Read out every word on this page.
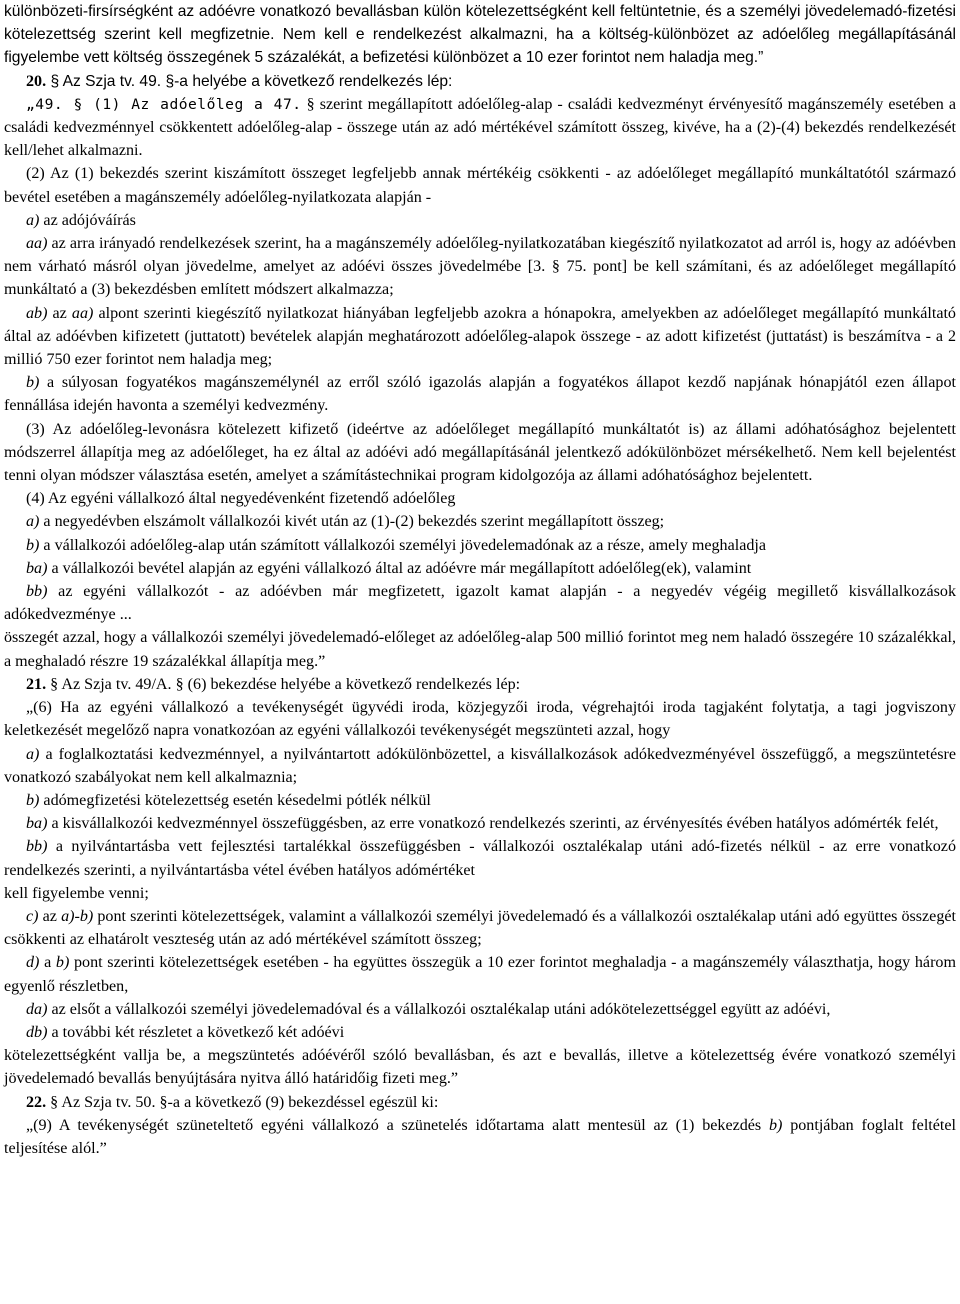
különbözeti-firsírségként az adóévre vonatkozó bevallásban külön kötelezettségként kell feltüntetnie, és a személyi jövedelemadó-fizetési kötelezettség szerint kell megfizetnie. Nem kell e rendelkezést alkalmazni, ha a költség-különbözet az adóelőleg megállapításánál figyelembe vett költség összegének 5 százalékát, a befizetési különbözet a 10 ezer forintot nem haladja meg.”

20. § Az Szja tv. 49. §-a helyébe a következő rendelkezés lép:

„49. § (1) Az adóelőleg a 47. § szerint megállapított adóelőleg-alap - családi kedvezményt érvényesítő magánszemély esetében a családi kedvezménnyel csökkentett adóelőleg-alap - összege után az adó mértékével számított összeg, kivéve, ha a (2)-(4) bekezdés rendelkezését kell/lehet alkalmazni.

(2) Az (1) bekezdés szerint kiszámított összeget legfeljebb annak mértékéig csökkenti - az adóelőleget megállapító munkáltatótól származó bevétel esetében a magánszemély adóelőleg-nyilatkozata alapján -

a) az adójóváírás

aa) az arra irányadó rendelkezések szerint, ha a magánszemély adóelőleg-nyilatkozatában kiegészítő nyilatkozatot ad arról is, hogy az adóévben nem várható másról olyan jövedelme, amelyet az adóévi összes jövedelmébe [3. § 75. pont] be kell számítani, és az adóelőleget megállapító munkáltató a (3) bekezdésben említett módszert alkalmazza;

ab) az aa) alpont szerinti kiegészítő nyilatkozat hiányában legfeljebb azokra a hónapokra, amelyekben az adóelőleget megállapító munkáltató által az adóévben kifizetett (juttatott) bevételek alapján meghatározott adóelőleg-alapok összege - az adott kifizetést (juttatást) is beszámítva - a 2 millió 750 ezer forintot nem haladja meg;

b) a súlyosan fogyatékos magánszemélynél az erről szóló igazolás alapján a fogyatékos állapot kezdő napjának hónapjától ezen állapot fennállása idején havonta a személyi kedvezmény.

(3) Az adóelőleg-levonásra kötelezett kifizető (ideértve az adóelőleget megállapító munkáltatót is) az állami adóhatósághoz bejelentett módszerrel állapítja meg az adóelőleget, ha ez által az adóévi adó megállapításánál jelentkező adókülönbözet mérsékelhető. Nem kell bejelentést tenni olyan módszer választása esetén, amelyet a számítástechnikai program kidolgozója az állami adóhatósághoz bejelentett.

(4) Az egyéni vállalkozó által negyedévenként fizetendő adóelőleg

a) a negyedévben elszámolt vállalkozói kivét után az (1)-(2) bekezdés szerint megállapított összeg;

b) a vállalkozói adóelőleg-alap után számított vállalkozói személyi jövedelemadónak az a része, amely meghaladja

ba) a vállalkozói bevétel alapján az egyéni vállalkozó által az adóévre már megállapított adóelőleg(ek), valamint

bb) az egyéni vállalkozót - az adóévben már megfizetett, igazolt kamat alapján - a negyedév végéig megillető kisvállalkozások adókedvezménye ...

összegét azzal, hogy a vállalkozói személyi jövedelemadó-előleget az adóelőleg-alap 500 millió forintot meg nem haladó összegére 10 százalékkal, a meghaladó részre 19 százalékkal állapítja meg.”

21. § Az Szja tv. 49/A. § (6) bekezdése helyébe a következő rendelkezés lép:

„(6) Ha az egyéni vállalkozó a tevékenységét ügyvédi iroda, közjegyzői iroda, végrehajtói iroda tagjaként folytatja, a tagi jogviszony keletkezését megelőző napra vonatkozóan az egyéni vállalkozói tevékenységét megszünteti azzal, hogy

a) a foglalkoztatási kedvezménnyel, a nyilvántartott adókülönbözettel, a kisvállalkozások adókedvezményével összefüggő, a megszüntetésre vonatkozó szabályokat nem kell alkalmaznia;

b) adómegfizetési kötelezettség esetén késedelmi pótlék nélkül

ba) a kisvállalkozói kedvezménnyel összefüggésben, az erre vonatkozó rendelkezés szerinti, az érvényesítés évében hatályos adómérték felét,

bb) a nyilvántartásba vett fejlesztési tartalékkal összefüggésben - vállalkozói osztalékalap utáni adó-fizetés nélkül - az erre vonatkozó rendelkezés szerinti, a nyilvántartásba vétel évében hatályos adómértéket

kell figyelembe venni;

c) az a)-b) pont szerinti kötelezettségek, valamint a vállalkozói személyi jövedelemadó és a vállalkozói osztalékalap utáni adó együttes összegét csökkenti az elhatárolt veszteség után az adó mértékével számított összeg;

d) a b) pont szerinti kötelezettségek esetében - ha együttes összegük a 10 ezer forintot meghaladja - a magánszemély választhatja, hogy három egyenlő részletben,

da) az elsőt a vállalkozói személyi jövedelemadóval és a vállalkozói osztalékalap utáni adókötelezettséggel együtt az adóévi,

db) a további két részletet a következő két adóévi

kötelezettségként vallja be, a megszüntetés adóévéről szóló bevallásban, és azt e bevallás, illetve a kötelezettség évére vonatkozó személyi jövedelemadó bevallás benyújtására nyitva álló határidőig fizeti meg.”

22. § Az Szja tv. 50. §-a a következő (9) bekezdéssel egészül ki:

„(9) A tevékenységét szüneteltető egyéni vállalkozó a szünetelés időtartama alatt mentesül az (1) bekezdés b) pontjában foglalt feltétel teljesítése alól.”
